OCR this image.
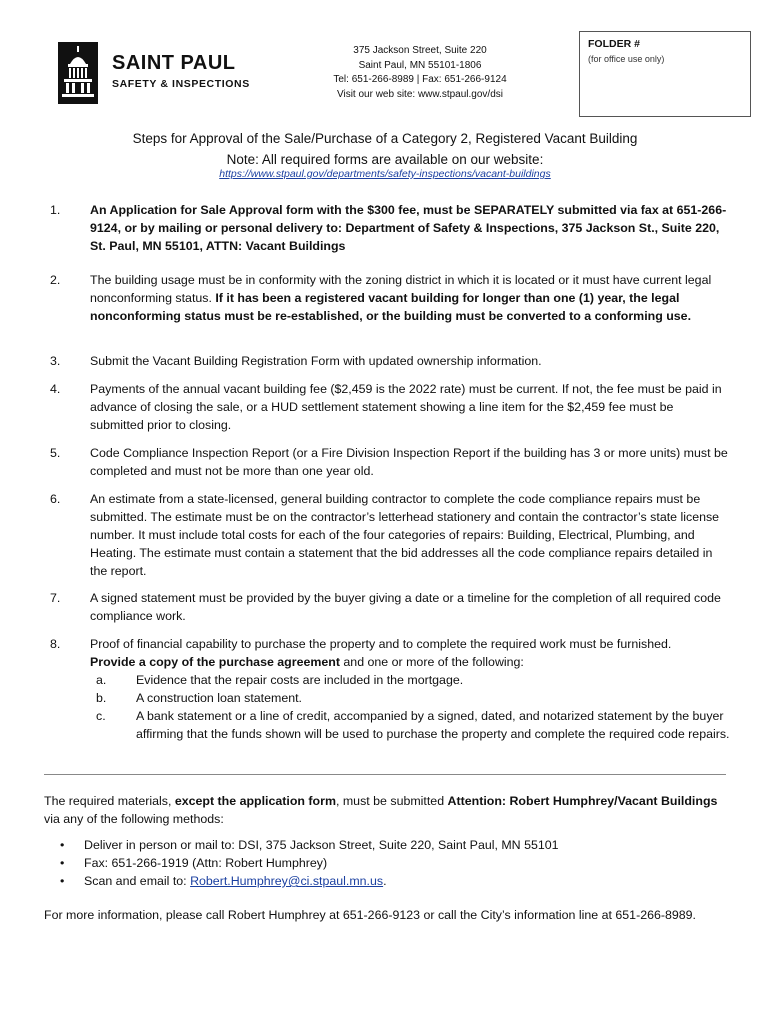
SAINT PAUL
SAFETY & INSPECTIONS
375 Jackson Street, Suite 220
Saint Paul, MN 55101-1806
Tel: 651-266-8989 | Fax: 651-266-9124
Visit our web site: www.stpaul.gov/dsi
FOLDER #
(for office use only)
Steps for Approval of the Sale/Purchase of a Category 2, Registered Vacant Building
Note: All required forms are available on our website:
https://www.stpaul.gov/departments/safety-inspections/vacant-buildings
1. An Application for Sale Approval form with the $300 fee, must be SEPARATELY submitted via fax at 651-266-9124, or by mailing or personal delivery to: Department of Safety & Inspections, 375 Jackson St., Suite 220, St. Paul, MN 55101, ATTN: Vacant Buildings
2. The building usage must be in conformity with the zoning district in which it is located or it must have current legal nonconforming status. If it has been a registered vacant building for longer than one (1) year, the legal nonconforming status must be re-established, or the building must be converted to a conforming use.
3. Submit the Vacant Building Registration Form with updated ownership information.
4. Payments of the annual vacant building fee ($2,459 is the 2022 rate) must be current. If not, the fee must be paid in advance of closing the sale, or a HUD settlement statement showing a line item for the $2,459 fee must be submitted prior to closing.
5. Code Compliance Inspection Report (or a Fire Division Inspection Report if the building has 3 or more units) must be completed and must not be more than one year old.
6. An estimate from a state-licensed, general building contractor to complete the code compliance repairs must be submitted. The estimate must be on the contractor’s letterhead stationery and contain the contractor’s state license number. It must include total costs for each of the four categories of repairs: Building, Electrical, Plumbing, and Heating. The estimate must contain a statement that the bid addresses all the code compliance repairs detailed in the report.
7. A signed statement must be provided by the buyer giving a date or a timeline for the completion of all required code compliance work.
8. Proof of financial capability to purchase the property and to complete the required work must be furnished.
Provide a copy of the purchase agreement and one or more of the following:
a. Evidence that the repair costs are included in the mortgage.
b. A construction loan statement.
c. A bank statement or a line of credit, accompanied by a signed, dated, and notarized statement by the buyer affirming that the funds shown will be used to purchase the property and complete the required code repairs.
The required materials, except the application form, must be submitted Attention: Robert Humphrey/Vacant Buildings via any of the following methods:
• Deliver in person or mail to: DSI, 375 Jackson Street, Suite 220, Saint Paul, MN 55101
• Fax: 651-266-1919 (Attn: Robert Humphrey)
• Scan and email to: Robert.Humphrey@ci.stpaul.mn.us.
For more information, please call Robert Humphrey at 651-266-9123 or call the City’s information line at 651-266-8989.
